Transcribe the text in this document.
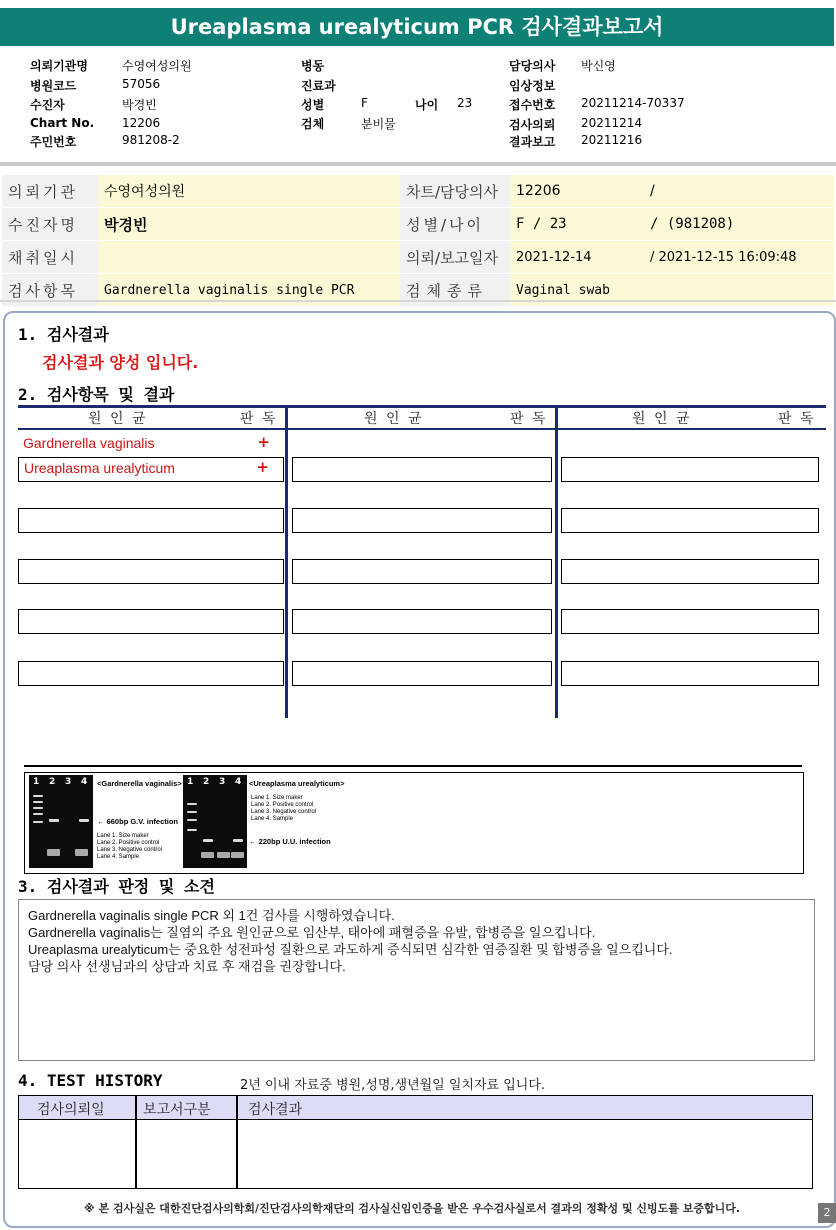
Ureaplasma urealyticum PCR 검사결과보고서
의뢰기관명	수영여성의원
병원코드	57056
수진자	박경빈
Chart No. 12206
주민번호	981208-2
병동
진료과
성별	F	나이 23
검체	분비물
담당의사 박신영
임상정보
접수번호 20211214-70337
검사의뢰 20211214
결과보고 20211216
의뢰기관	수영여성의원	차트/담당의사	12206 /

수진자명	박경빈	성별/나이	F / 23 / (981208)

채취일시		의뢰/보고일자	2021-12-14 / 2021-12-15 16:09:48

검사항목	Gardnerella vaginalis single PCR	검체종류	Vaginal swab
1. 검사결과
검사결과 양성 입니다.
2. 검사항목 및 결과
원 인 균	판 독	원 인 균	판 독	원 인 균	판 독
Gardnerella vaginalis	+
Ureaplasma urealyticum	+
1 2 3 4 <Gardnerella vaginalis>
← 660bp G.V. infection
Lane 1. Size maker
Lane 2. Positive control
Lane 3. Negative control
Lane 4. Sample
1 2 3 4 <Ureaplasma urealyticum>
Lane 1. Size maker
Lane 2. Positive control
Lane 3. Negative control
Lane 4. Sample
← 220bp U.U. infection
3. 검사결과 판정 및 소견
Gardnerella vaginalis single PCR 외 1건 검사를 시행하였습니다.
Gardnerella vaginalis는 질염의 주요 원인균으로 임산부, 태아에 패혈증을 유발, 합병증을 일으킵니다.
Ureaplasma urealyticum는 중요한 성전파성 질환으로 과도하게 증식되면 심각한 염증질환 및 합병증을 일으킵니다.
담당 의사 선생님과의 상담과 치료 후 재검을 권장합니다.
4. TEST HISTORY	2년 이내 자료중 병원,성명,생년월일 일치자료 입니다.
검사의뢰일	보고서구분	검사결과
※ 본 검사실은 대한진단검사의학회/진단검사의학재단의 검사실신임인증을 받은 우수검사실로서 결과의 정확성 및 신빙도를 보증합니다.	2
